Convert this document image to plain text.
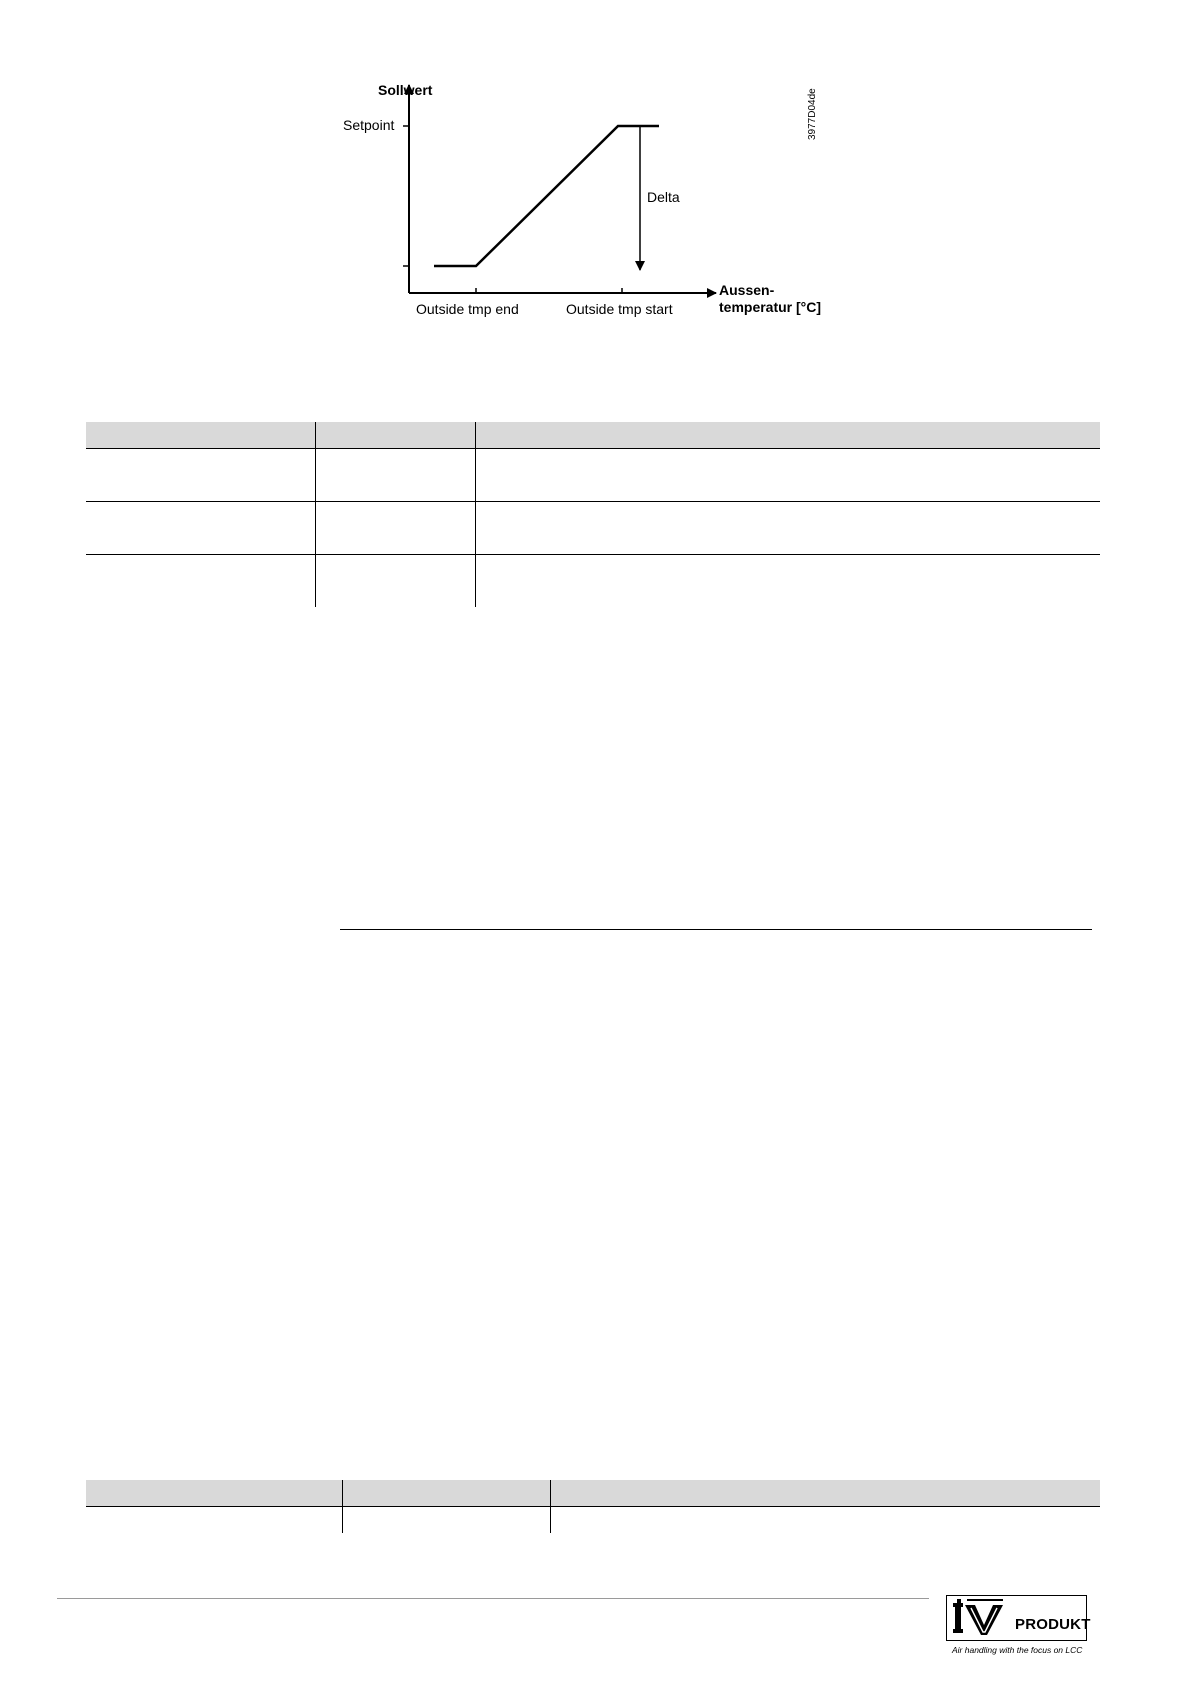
Sollwert
Setpoint
Delta
Aussen-
temperatur [°C]
Outside tmp end	Outside tmp start
3977D04de

PRODUKT
Air handling with the focus on LCC
